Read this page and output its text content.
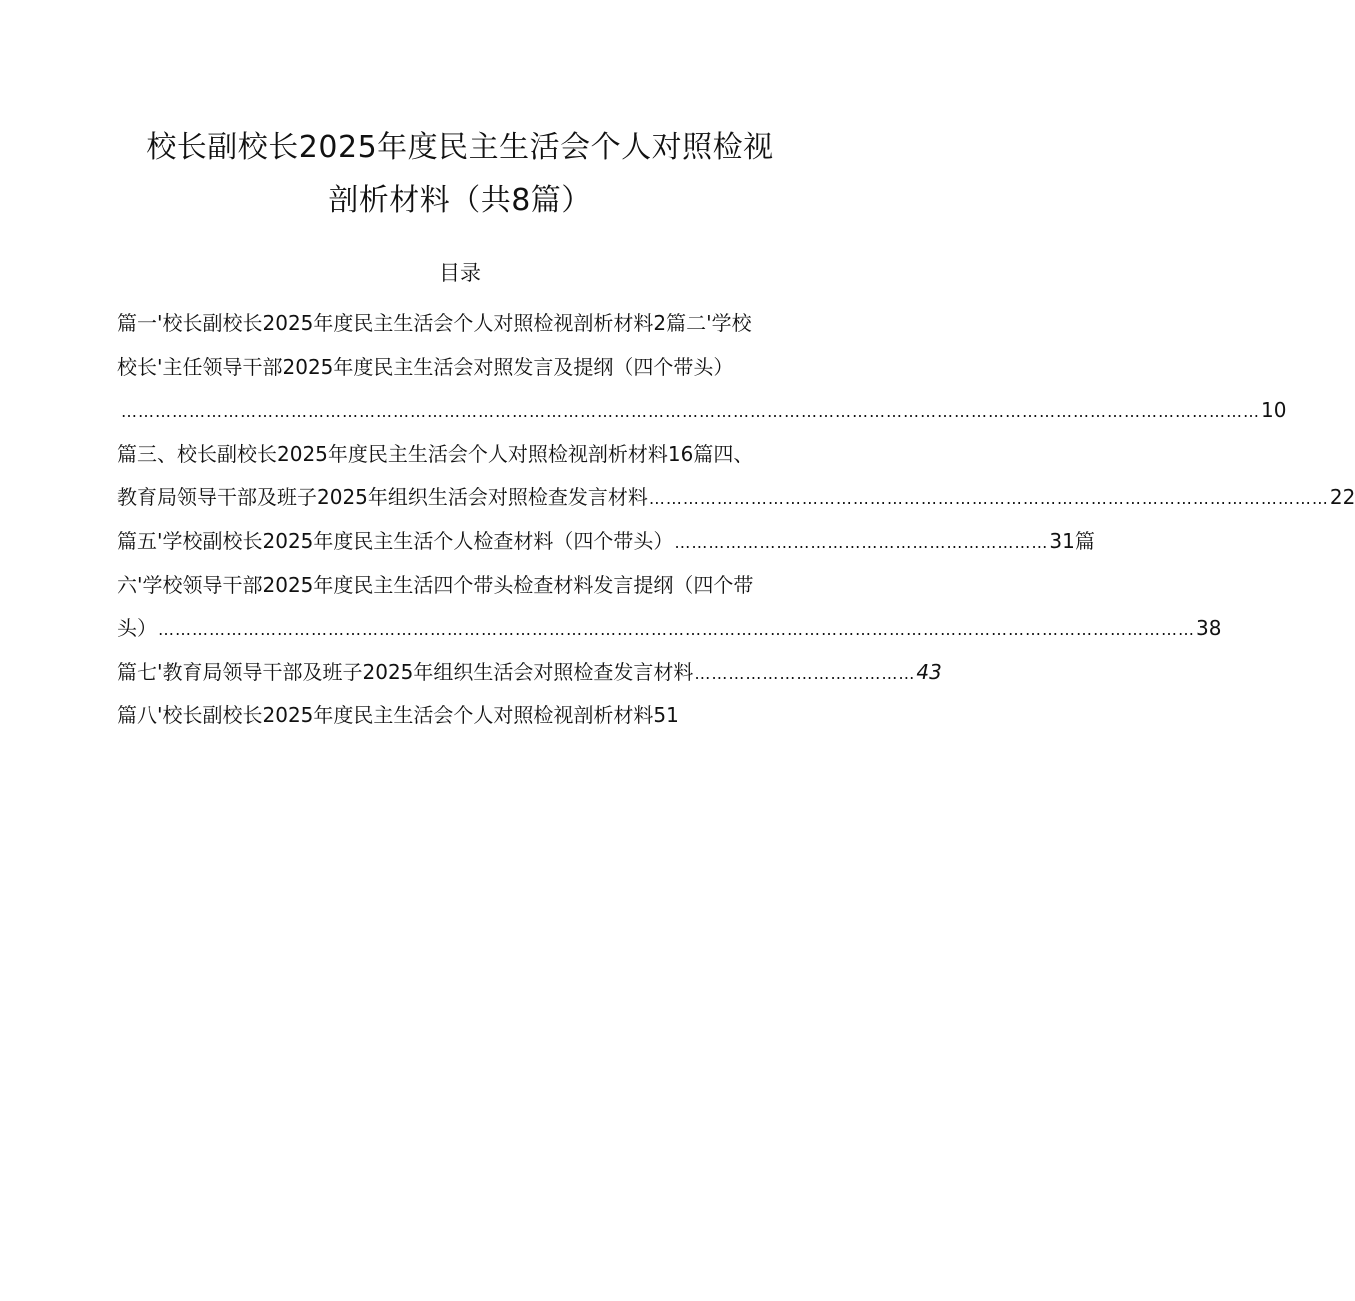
校长副校长2025年度民主生活会个人对照检视
剖析材料（共8篇）
目录
篇一'校长副校长2025年度民主生活会个人对照检视剖析材料2篇二'学校
校长'主任领导干部2025年度民主生活会对照发言及提纲（四个带头）
………………………………………………………………………………………………………………………………………………………………………………… 10
篇三、校长副校长2025年度民主生活会个人对照检视剖析材料16篇四、
教育局领导干部及班子2025年组织生活会对照检查发言材料 ………………………………………………………………………………………………………… 22
篇五'学校副校长2025年度民主生活个人检查材料（四个带头） ………………………………………………………… 31篇
六'学校领导干部2025年度民主生活四个带头检查材料发言提纲（四个带
头） ………………………………………………………………………………………………………………………………………………………………… 38
篇七'教育局领导干部及班子2025年组织生活会对照检查发言材料 ………………………………… 43
篇八'校长副校长2025年度民主生活会个人对照检视剖析材料51
